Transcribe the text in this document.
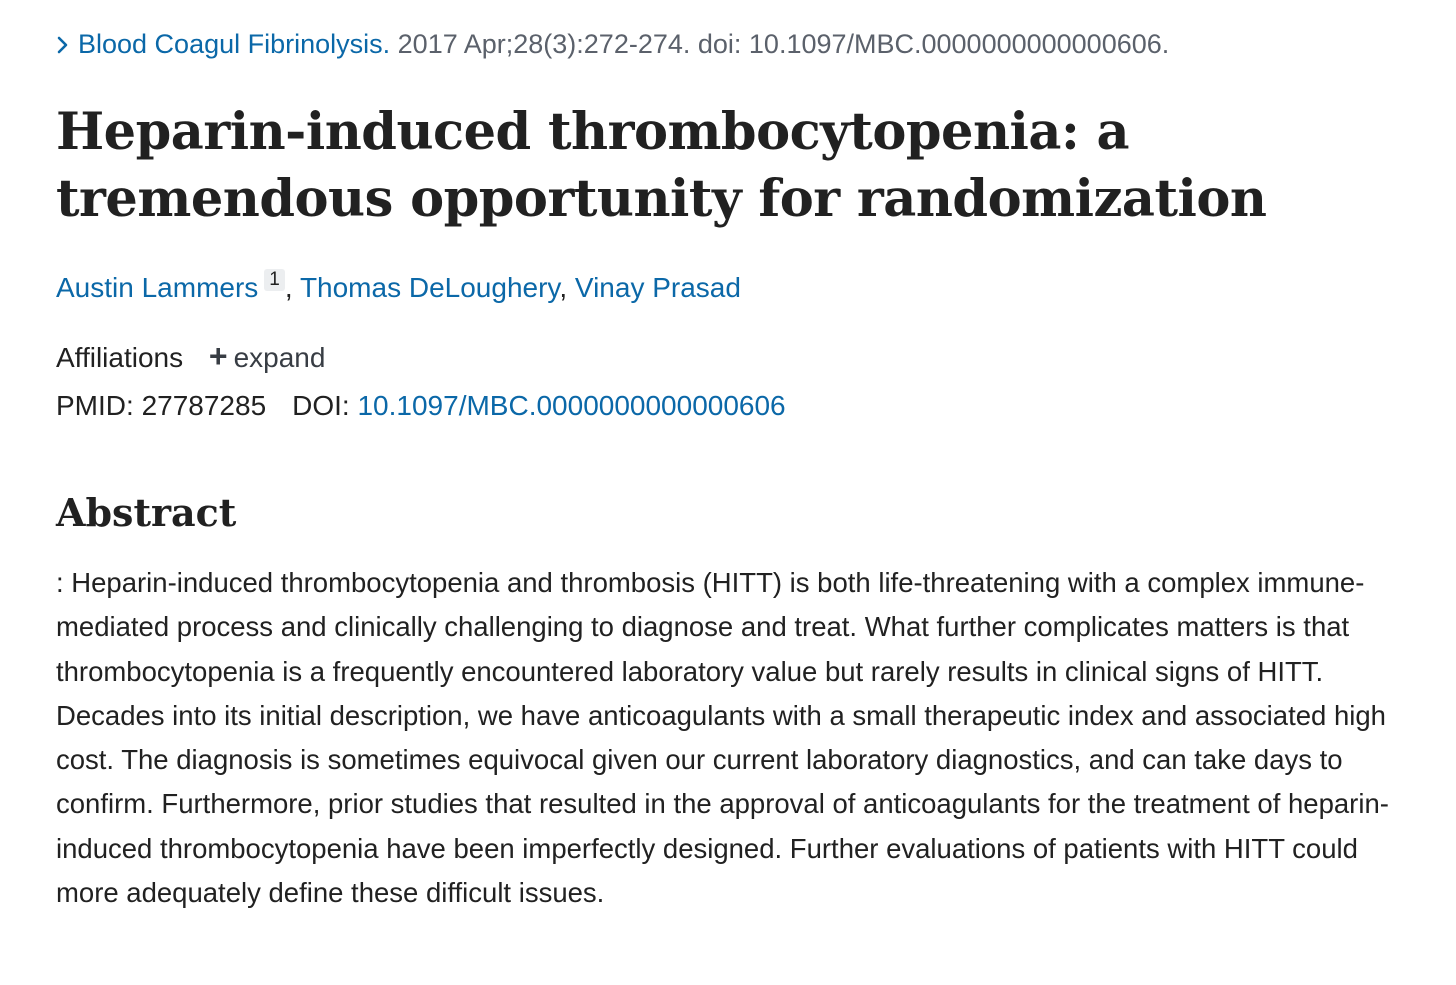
Blood Coagul Fibrinolysis. 2017 Apr;28(3):272-274. doi: 10.1097/MBC.0000000000000606.
Heparin-induced thrombocytopenia: a tremendous opportunity for randomization
Austin Lammers 1 , Thomas DeLoughery, Vinay Prasad
Affiliations + expand
PMID: 27787285 DOI: 10.1097/MBC.0000000000000606
Abstract

: Heparin-induced thrombocytopenia and thrombosis (HITT) is both life-threatening with a complex immune-mediated process and clinically challenging to diagnose and treat. What further complicates matters is that thrombocytopenia is a frequently encountered laboratory value but rarely results in clinical signs of HITT. Decades into its initial description, we have anticoagulants with a small therapeutic index and associated high cost. The diagnosis is sometimes equivocal given our current laboratory diagnostics, and can take days to confirm. Furthermore, prior studies that resulted in the approval of anticoagulants for the treatment of heparin-induced thrombocytopenia have been imperfectly designed. Further evaluations of patients with HITT could more adequately define these difficult issues.
